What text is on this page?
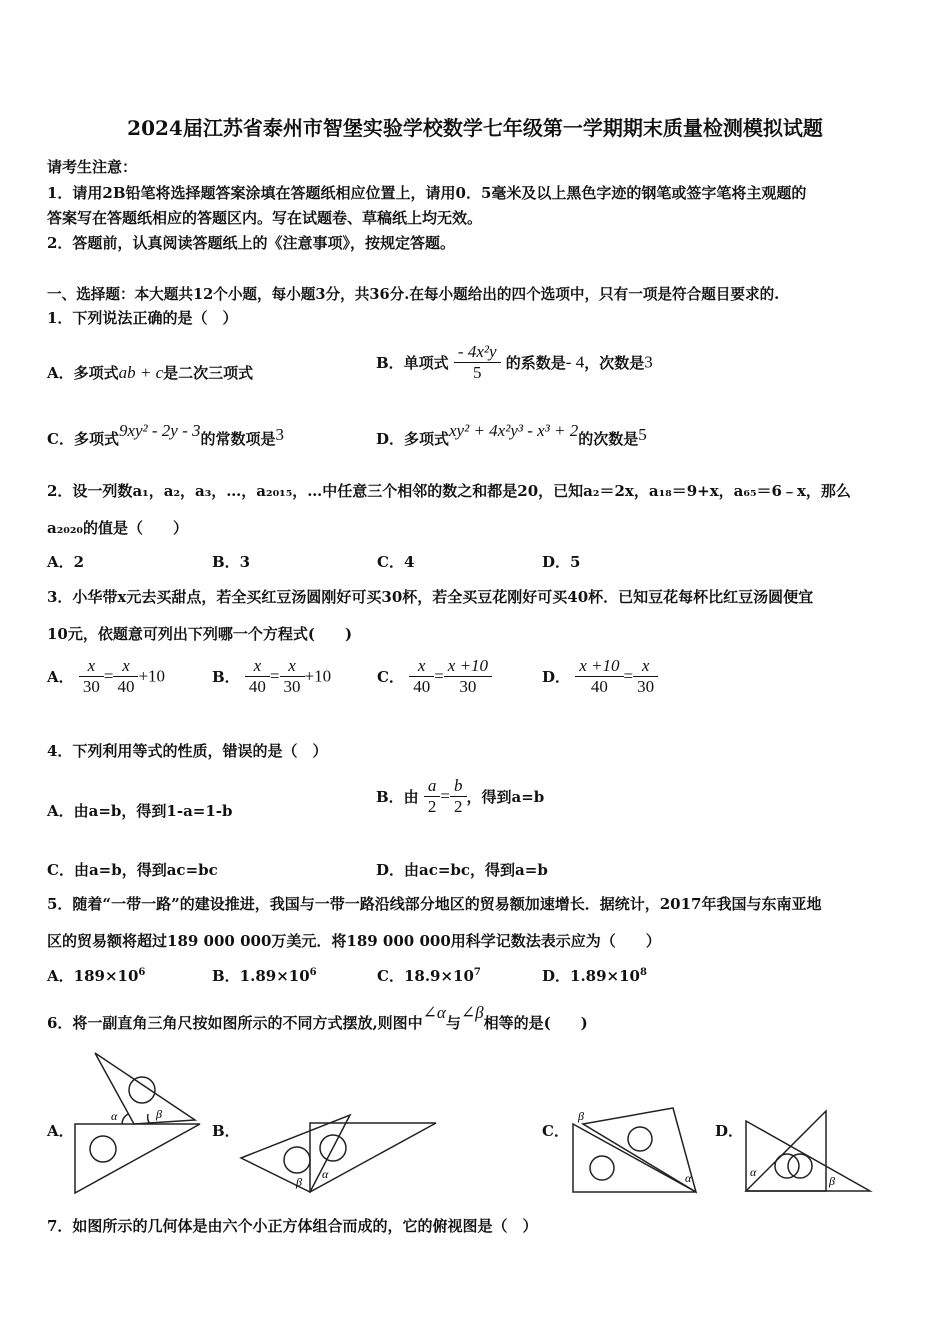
2024届江苏省泰州市智堡实验学校数学七年级第一学期期末质量检测模拟试题
请考生注意：
1．请用2B铅笔将选择题答案涂填在答题纸相应位置上，请用0．5毫米及以上黑色字迹的钢笔或签字笔将主观题的
答案写在答题纸相应的答题区内。写在试题卷、草稿纸上均无效。
2．答题前，认真阅读答题纸上的《注意事项》，按规定答题。
一、选择题：本大题共12个小题，每小题3分，共36分.在每小题给出的四个选项中，只有一项是符合题目要求的.
1．下列说法正确的是（　）
A．多项式ab + c是二次三项式
B．单项式 $\frac{\text{- 4x²y}}{5}$ 的系数是- 4，次数是3
C．多项式9xy² - 2y - 3的常数项是3	D．多项式xy² + 4x²y³ - x³ + 2的次数是5
2．设一列数a₁，a₂，a₃，…，a₂₀₁₅，…中任意三个相邻的数之和都是20，已知a₂＝2x，a₁₈＝9+x，a₆₅＝6﹣x，那么
a₂₀₂₀的值是（　　）
A．2	B．3	C．4	D．5
3．小华带x元去买甜点，若全买红豆汤圆刚好可买30杯，若全买豆花刚好可买40杯．已知豆花每杯比红豆汤圆便宜
10元，依题意可列出下列哪一个方程式(　　)
A． $\frac{x}{30} = \frac{x}{40} +10$	B． $\frac{x}{40} = \frac{x}{30} +10$	C． $\frac{x}{40} = \frac{x +10}{30}$	D． $\frac{x +10}{40} = \frac{x}{30}$
4．下列利用等式的性质，错误的是（　）
A．由a=b，得到1-a=1-b
B．由 $\frac{a}{2} = \frac{b}{2}$ ，得到a=b
C．由a=b，得到ac=bc	D．由ac=bc，得到a=b
5．随着“一带一路”的建设推进，我国与一带一路沿线部分地区的贸易额加速增长．据统计，2017年我国与东南亚地
区的贸易额将超过189 000 000万美元．将189 000 000用科学记数法表示应为（　　）
A．$189\times 10^6$	B．$1.89\times 10^6$	C．$18.9\times 10^7$	D．$1.89\times 10^8$
6．将一副直角三角尺按如图所示的不同方式摆放,则图中∠α与∠β相等的是(　　)
A．	B．	C．	D．
α	β
β
α
β
α	α
β
7．如图所示的几何体是由六个小正方体组合而成的，它的俯视图是（　）
